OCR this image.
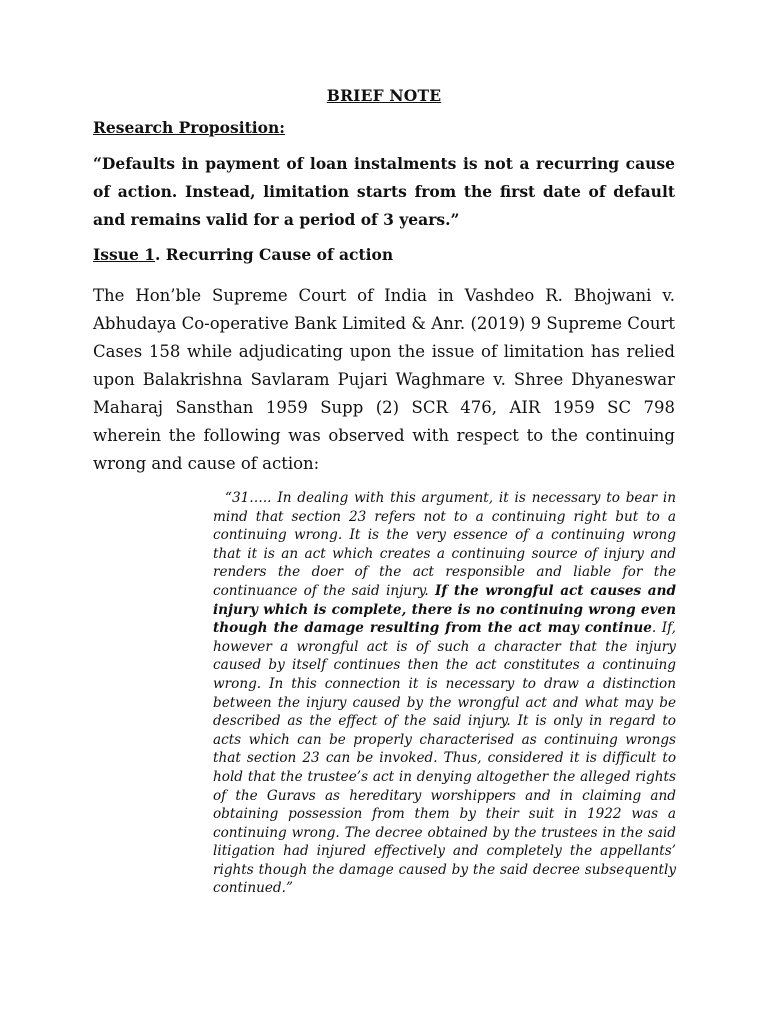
BRIEF NOTE
Research Proposition:
“Defaults in payment of loan instalments is not a recurring cause of action. Instead, limitation starts from the first date of default and remains valid for a period of 3 years.”
Issue 1. Recurring Cause of action
The Hon’ble Supreme Court of India in Vashdeo R. Bhojwani v. Abhudaya Co-operative Bank Limited & Anr. (2019) 9 Supreme Court Cases 158 while adjudicating upon the issue of limitation has relied upon Balakrishna Savlaram Pujari Waghmare v. Shree Dhyaneswar Maharaj Sansthan 1959 Supp (2) SCR 476, AIR 1959 SC 798 wherein the following was observed with respect to the continuing wrong and cause of action:
“31….. In dealing with this argument, it is necessary to bear in mind that section 23 refers not to a continuing right but to a continuing wrong. It is the very essence of a continuing wrong that it is an act which creates a continuing source of injury and renders the doer of the act responsible and liable for the continuance of the said injury. If the wrongful act causes and injury which is complete, there is no continuing wrong even though the damage resulting from the act may continue. If, however a wrongful act is of such a character that the injury caused by itself continues then the act constitutes a continuing wrong. In this connection it is necessary to draw a distinction between the injury caused by the wrongful act and what may be described as the effect of the said injury. It is only in regard to acts which can be properly characterised as continuing wrongs that section 23 can be invoked. Thus, considered it is difficult to hold that the trustee’s act in denying altogether the alleged rights of the Guravs as hereditary worshippers and in claiming and obtaining possession from them by their suit in 1922 was a continuing wrong. The decree obtained by the trustees in the said litigation had injured effectively and completely the appellants’ rights though the damage caused by the said decree subsequently continued.”
